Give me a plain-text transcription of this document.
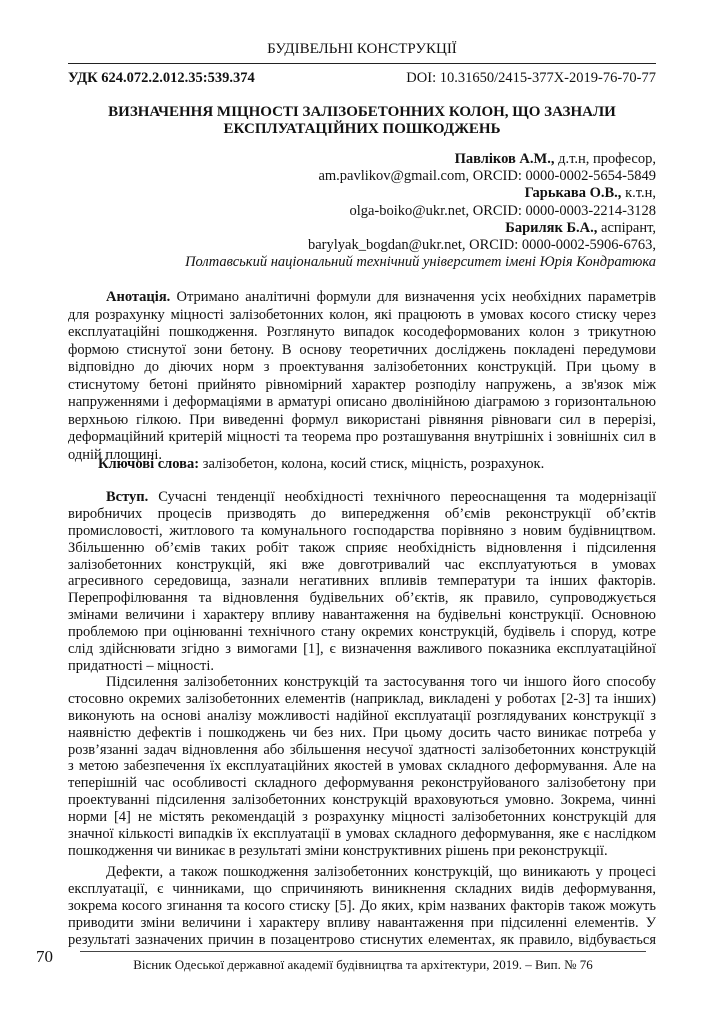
БУДІВЕЛЬНІ КОНСТРУКЦІЇ
УДК 624.072.2.012.35:539.374	DOI: 10.31650/2415-377X-2019-76-70-77
ВИЗНАЧЕННЯ МІЦНОСТІ ЗАЛІЗОБЕТОННИХ КОЛОН, ЩО ЗАЗНАЛИ
ЕКСПЛУАТАЦІЙНИХ ПОШКОДЖЕНЬ
Павліков А.М., д.т.н, професор,
am.pavlikov@gmail.com, ORCID: 0000-0002-5654-5849
Гарькава О.В., к.т.н,
olga-boiko@ukr.net, ORCID: 0000-0003-2214-3128
Бариляк Б.А., аспірант,
barylyak_bogdan@ukr.net, ORCID: 0000-0002-5906-6763,
Полтавський національний технічний університет імені Юрія Кондратюка
Анотація. Отримано аналітичні формули для визначення усіх необхідних параметрів
для розрахунку міцності залізобетонних колон, які працюють в умовах косого стиску через
експлуатаційні пошкодження. Розглянуто випадок косодеформованих колон з трикутною
формою стиснутої зони бетону. В основу теоретичних досліджень покладені передумови
відповідно до діючих норм з проектування залізобетонних конструкцій. При цьому в
стиснутому бетоні прийнято рівномірний характер розподілу напружень, а зв'язок між
напруженнями і деформаціями в арматурі описано дволінійною діаграмою з горизонтальною
верхньою гілкою. При виведенні формул використані рівняння рівноваги сил в перерізі,
деформаційний критерій міцності та теорема про розташування внутрішніх і зовнішніх сил в
одній площині.
Ключові слова: залізобетон, колона, косий стиск, міцність, розрахунок.
Вступ. Сучасні тенденції необхідності технічного переоснащення та модернізації
виробничих процесів призводять до випередження об’ємів реконструкції об’єктів
промисловості, житлового та комунального господарства порівняно з новим будівництвом.
Збільшенню об’ємів таких робіт також сприяє необхідність відновлення і підсилення
залізобетонних конструкцій, які вже довготривалий час експлуатуються в умовах
агресивного середовища, зазнали негативних впливів температури та інших факторів.
Перепрофілювання та відновлення будівельних об’єктів, як правило, супроводжується
змінами величини і характеру впливу навантаження на будівельні конструкції. Основною
проблемою при оцінюванні технічного стану окремих конструкцій, будівель і споруд, котре
слід здійснювати згідно з вимогами [1], є визначення важливого показника експлуатаційної
придатності – міцності.
Підсилення залізобетонних конструкцій та застосування того чи іншого його способу
стосовно окремих залізобетонних елементів (наприклад, викладені у роботах [2-3] та інших)
виконують на основі аналізу можливості надійної експлуатації розглядуваних конструкції з
наявністю дефектів і пошкоджень чи без них. При цьому досить часто виникає потреба у
розв’язанні задач відновлення або збільшення несучої здатності залізобетонних конструкцій
з метою забезпечення їх експлуатаційних якостей в умовах складного деформування. Але на
теперішній час особливості складного деформування реконструйованого залізобетону при
проектуванні підсилення залізобетонних конструкцій враховуються умовно. Зокрема, чинні
норми [4] не містять рекомендацій з розрахунку міцності залізобетонних конструкцій для
значної кількості випадків їх експлуатації в умовах складного деформування, яке є наслідком
пошкодження чи виникає в результаті зміни конструктивних рішень при реконструкції.
Дефекти, а також пошкодження залізобетонних конструкцій, що виникають у процесі
експлуатації, є чинниками, що спричиняють виникнення складних видів деформування,
зокрема косого згинання та косого стиску [5]. До яких, крім названих факторів також можуть
приводити зміни величини і характеру впливу навантаження при підсиленні елементів. У
результаті зазначених причин в позацентрово стиснутих елементах, як правило, відбувається
70	Вісник Одеської державної академії будівництва та архітектури, 2019. – Вип. № 76
